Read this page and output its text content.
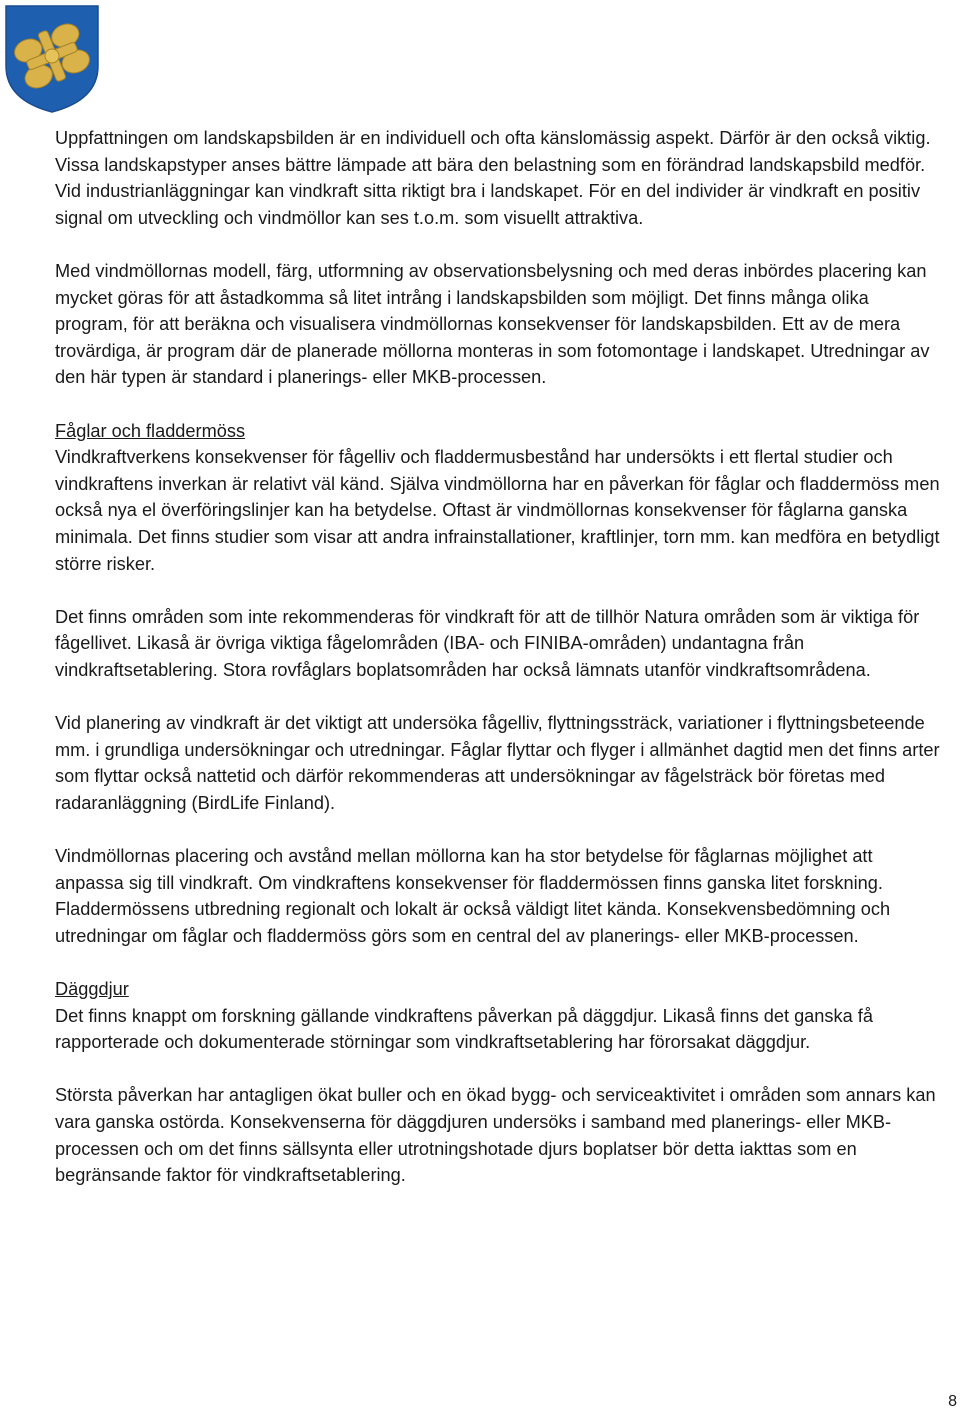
Uppfattningen om landskapsbilden är en individuell och ofta känslomässig aspekt. Därför är den också viktig. Vissa landskapstyper anses bättre lämpade att bära den belastning som en förändrad landskapsbild medför. Vid industrianläggningar kan vindkraft sitta riktigt bra i landskapet. För en del individer är vindkraft en positiv signal om utveckling och vindmöllor kan ses t.o.m. som visuellt attraktiva.

Med vindmöllornas modell, färg, utformning av observationsbelysning och med deras inbördes placering kan mycket göras för att åstadkomma så litet intrång i landskapsbilden som möjligt. Det finns många olika program, för att beräkna och visualisera vindmöllornas konsekvenser för landskapsbilden. Ett av de mera trovärdiga, är program där de planerade möllorna monteras in som fotomontage i landskapet. Utredningar av den här typen är standard i planerings- eller MKB-processen.

Fåglar och fladdermöss
Vindkraftverkens konsekvenser för fågelliv och fladdermusbestånd har undersökts i ett flertal studier och vindkraftens inverkan är relativt väl känd. Själva vindmöllorna har en påverkan för fåglar och fladdermöss men också nya el överföringslinjer kan ha betydelse. Oftast är vindmöllornas konsekvenser för fåglarna ganska minimala. Det finns studier som visar att andra infrainstallationer, kraftlinjer, torn mm. kan medföra en betydligt större risker.

Det finns områden som inte rekommenderas för vindkraft för att de tillhör Natura områden som är viktiga för fågellivet. Likaså är övriga viktiga fågelområden (IBA- och FINIBA-områden) undantagna från vindkraftsetablering. Stora rovfåglars boplatsområden har också lämnats utanför vindkraftsområdena.

Vid planering av vindkraft är det viktigt att undersöka fågelliv, flyttningssträck, variationer i flyttningsbeteende mm. i grundliga undersökningar och utredningar. Fåglar flyttar och flyger i allmänhet dagtid men det finns arter som flyttar också nattetid och därför rekommenderas att undersökningar av fågelsträck bör företas med radaranläggning (BirdLife Finland).

Vindmöllornas placering och avstånd mellan möllorna kan ha stor betydelse för fåglarnas möjlighet att anpassa sig till vindkraft. Om vindkraftens konsekvenser för fladdermössen finns ganska litet forskning. Fladdermössens utbredning regionalt och lokalt är också väldigt litet kända. Konsekvensbedömning och utredningar om fåglar och fladdermöss görs som en central del av planerings- eller MKB-processen.

Däggdjur
Det finns knappt om forskning gällande vindkraftens påverkan på däggdjur. Likaså finns det ganska få rapporterade och dokumenterade störningar som vindkraftsetablering har förorsakat däggdjur.

Största påverkan har antagligen ökat buller och en ökad bygg- och serviceaktivitet i områden som annars kan vara ganska ostörda. Konsekvenserna för däggdjuren undersöks i samband med planerings- eller MKB-processen och om det finns sällsynta eller utrotningshotade djurs boplatser bör detta iakttas som en begränsande faktor för vindkraftsetablering.

8
